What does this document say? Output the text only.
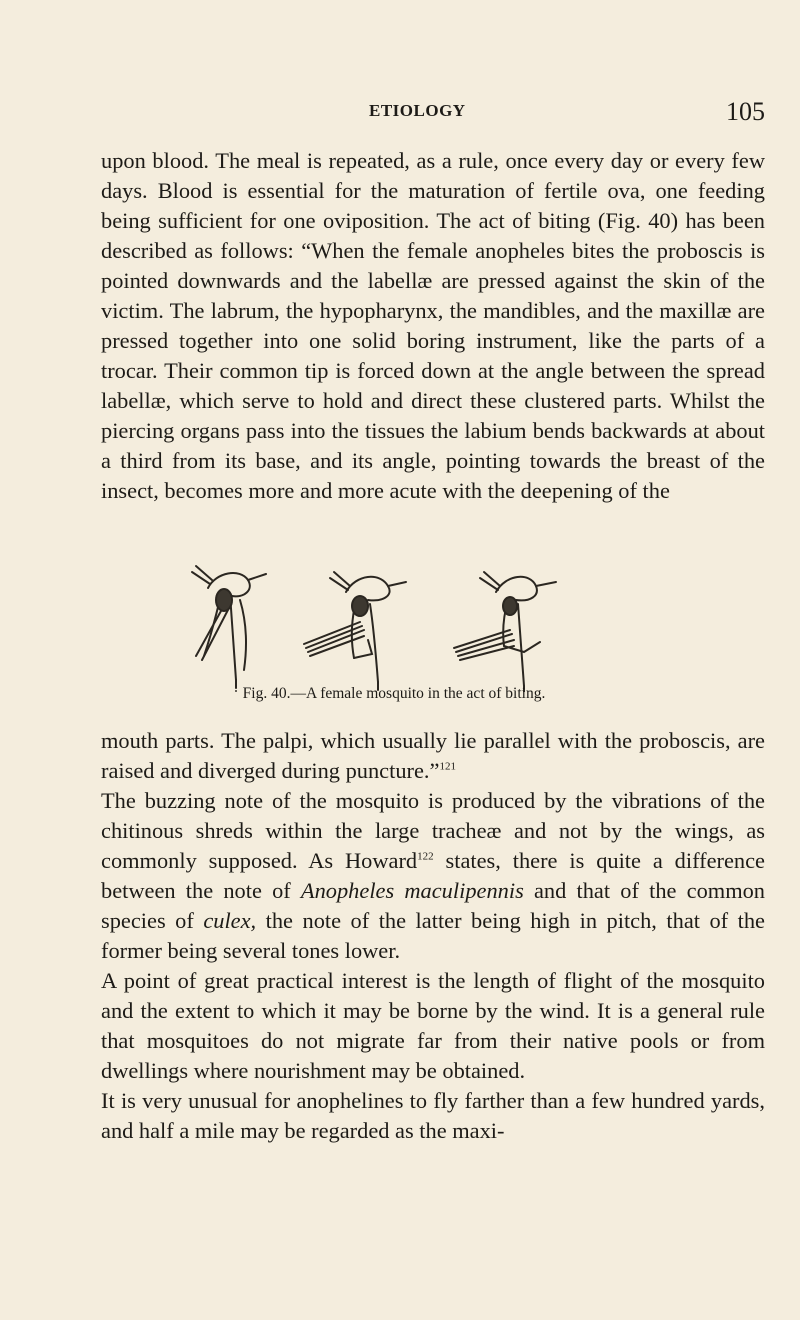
ETIOLOGY	105

upon blood. The meal is repeated, as a rule, once every day or every few days. Blood is essential for the maturation of fertile ova, one feeding being sufficient for one oviposition. The act of biting (Fig. 40) has been described as follows: “When the female anopheles bites the proboscis is pointed downwards and the labellæ are pressed against the skin of the victim. The labrum, the hypopharynx, the mandibles, and the maxillæ are pressed together into one solid boring instrument, like the parts of a trocar. Their common tip is forced down at the angle between the spread labellæ, which serve to hold and direct these clustered parts. Whilst the piercing organs pass into the tissues the labium bends backwards at about a third from its base, and its angle, pointing towards the breast of the insect, becomes more and more acute with the deepening of the

Fig. 40.—A female mosquito in the act of biting.

mouth parts. The palpi, which usually lie parallel with the proboscis, are raised and diverged during puncture.”$^{121}$

The buzzing note of the mosquito is produced by the vibrations of the chitinous shreds within the large tracheæ and not by the wings, as commonly supposed. As Howard$^{122}$ states, there is quite a difference between the note of Anopheles maculipennis and that of the common species of culex, the note of the latter being high in pitch, that of the former being several tones lower.

A point of great practical interest is the length of flight of the mosquito and the extent to which it may be borne by the wind. It is a general rule that mosquitoes do not migrate far from their native pools or from dwellings where nourishment may be obtained.

It is very unusual for anophelines to fly farther than a few hundred yards, and half a mile may be regarded as the maxi-
